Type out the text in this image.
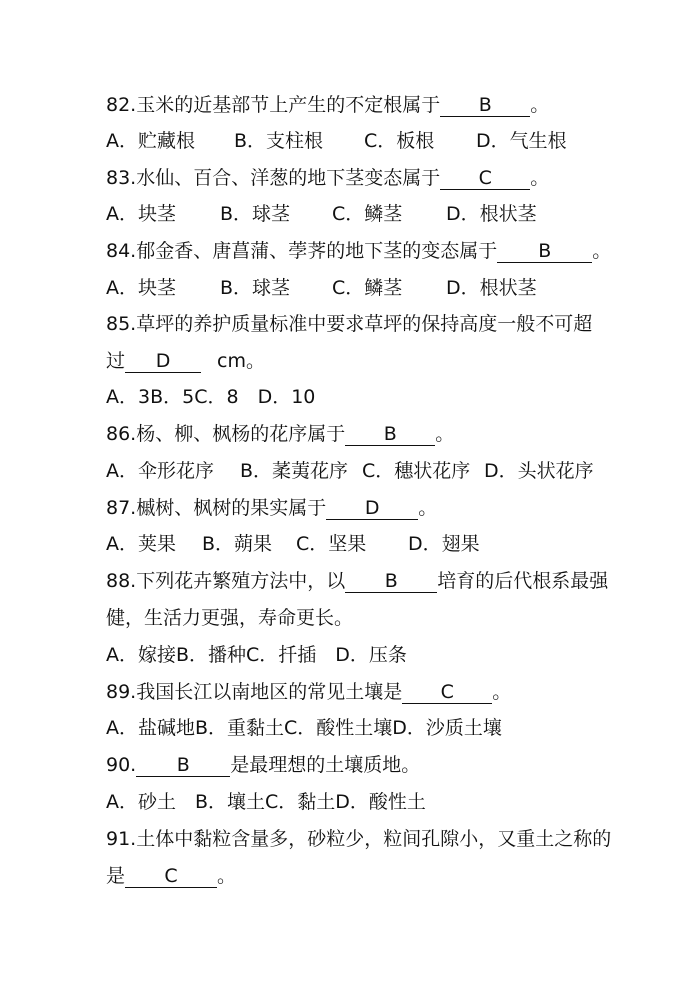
82.玉米的近基部节上产生的不定根属于 B 。
A．贮藏根 B．支柱根 C．板根 D．气生根
83.水仙、百合、洋葱的地下茎变态属于 C 。
A．块茎 B．球茎 C．鳞茎 D．根状茎
84.郁金香、唐菖蒲、荸荠的地下茎的变态属于 B 。
A．块茎 B．球茎 C．鳞茎 D．根状茎
85.草坪的养护质量标准中要求草坪的保持高度一般不可超
过 D cm。
A．3B．5C．8　D．10
86.杨、柳、枫杨的花序属于 B 。
A．伞形花序 B．葇荑花序 C．穗状花序 D．头状花序
87.槭树、枫树的果实属于 D 。
A．荚果 B．蒴果 C．坚果 D．翅果
88.下列花卉繁殖方法中，以 B 培育的后代根系最强
健，生活力更强，寿命更长。
A．嫁接B．播种C．扦插　D．压条
89.我国长江以南地区的常见土壤是 C 。
A．盐碱地B．重黏土C．酸性土壤D．沙质土壤
90. B 是最理想的土壤质地。
A．砂土　B．壤土C．黏土D．酸性土
91.土体中黏粒含量多，砂粒少，粒间孔隙小，又重土之称的
是 C 。
